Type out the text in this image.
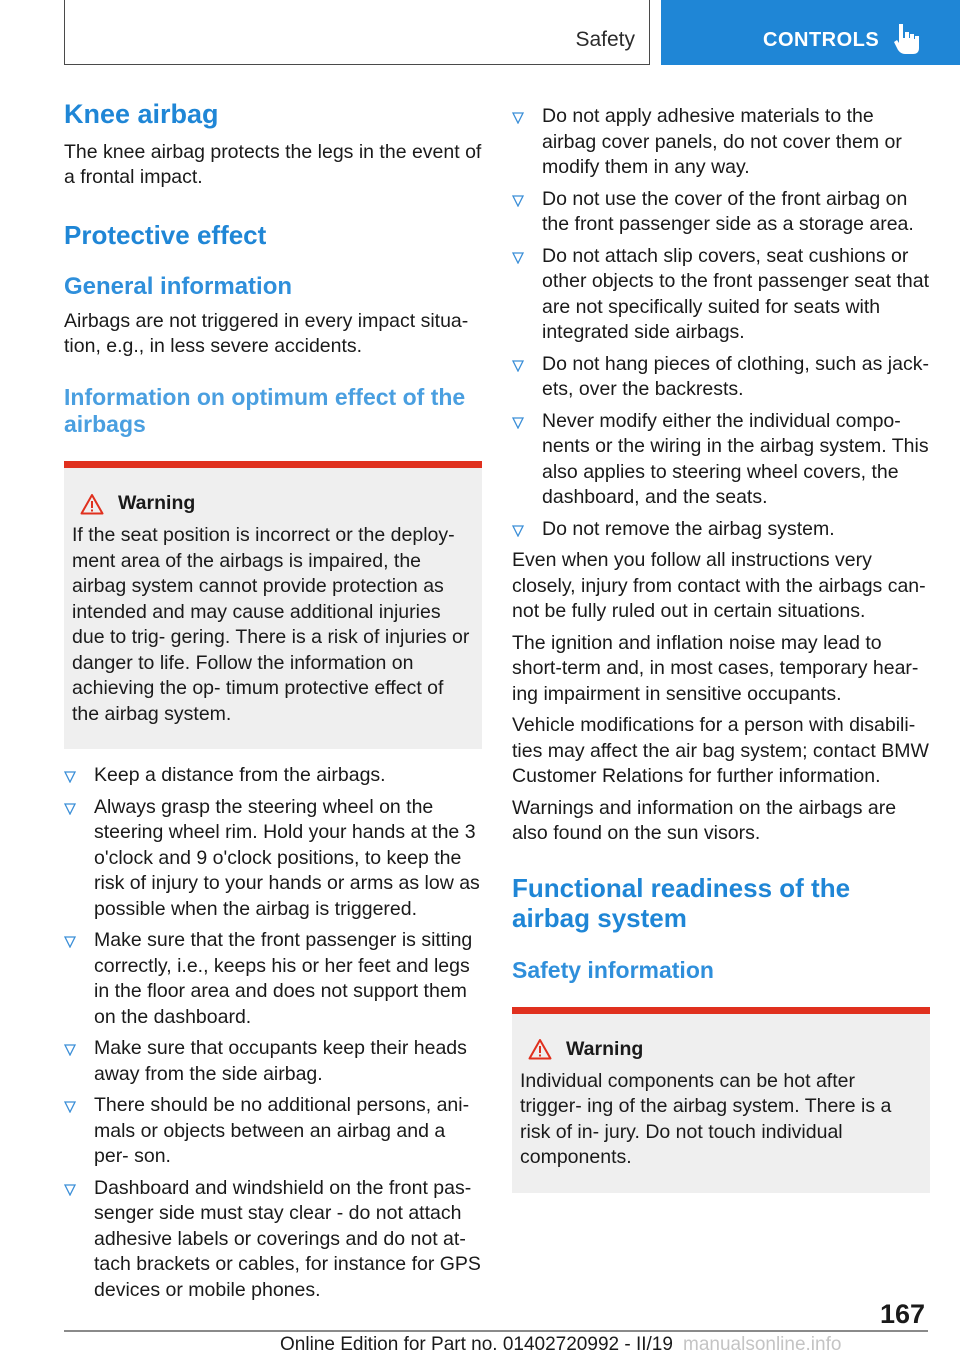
Safety	CONTROLS
Knee airbag
The knee airbag protects the legs in the event of a frontal impact.
Protective effect
General information
Airbags are not triggered in every impact situa‐ tion, e.g., in less severe accidents.
Information on optimum effect of the airbags
Warning
If the seat position is incorrect or the deploy‐ ment area of the airbags is impaired, the airbag system cannot provide protection as intended and may cause additional injuries due to trig‐ gering. There is a risk of injuries or danger to life. Follow the information on achieving the op‐ timum protective effect of the airbag system.
Keep a distance from the airbags.
Always grasp the steering wheel on the steering wheel rim. Hold your hands at the 3 o'clock and 9 o'clock positions, to keep the risk of injury to your hands or arms as low as possible when the airbag is triggered.
Make sure that the front passenger is sitting correctly, i.e., keeps his or her feet and legs in the floor area and does not support them on the dashboard.
Make sure that occupants keep their heads away from the side airbag.
There should be no additional persons, ani‐ mals or objects between an airbag and a per‐ son.
Dashboard and windshield on the front pas‐ senger side must stay clear - do not attach adhesive labels or coverings and do not at‐ tach brackets or cables, for instance for GPS devices or mobile phones.
Do not apply adhesive materials to the airbag cover panels, do not cover them or modify them in any way.
Do not use the cover of the front airbag on the front passenger side as a storage area.
Do not attach slip covers, seat cushions or other objects to the front passenger seat that are not specifically suited for seats with integrated side airbags.
Do not hang pieces of clothing, such as jack‐ ets, over the backrests.
Never modify either the individual compo‐ nents or the wiring in the airbag system. This also applies to steering wheel covers, the dashboard, and the seats.
Do not remove the airbag system.
Even when you follow all instructions very closely, injury from contact with the airbags can‐ not be fully ruled out in certain situations.
The ignition and inflation noise may lead to short-term and, in most cases, temporary hear‐ ing impairment in sensitive occupants.
Vehicle modifications for a person with disabili‐ ties may affect the air bag system; contact BMW Customer Relations for further information.
Warnings and information on the airbags are also found on the sun visors.
Functional readiness of the airbag system
Safety information
Warning
Individual components can be hot after trigger‐ ing of the airbag system. There is a risk of in‐ jury. Do not touch individual components.
167
Online Edition for Part no. 01402720992 - II/19 manualsonline.info
